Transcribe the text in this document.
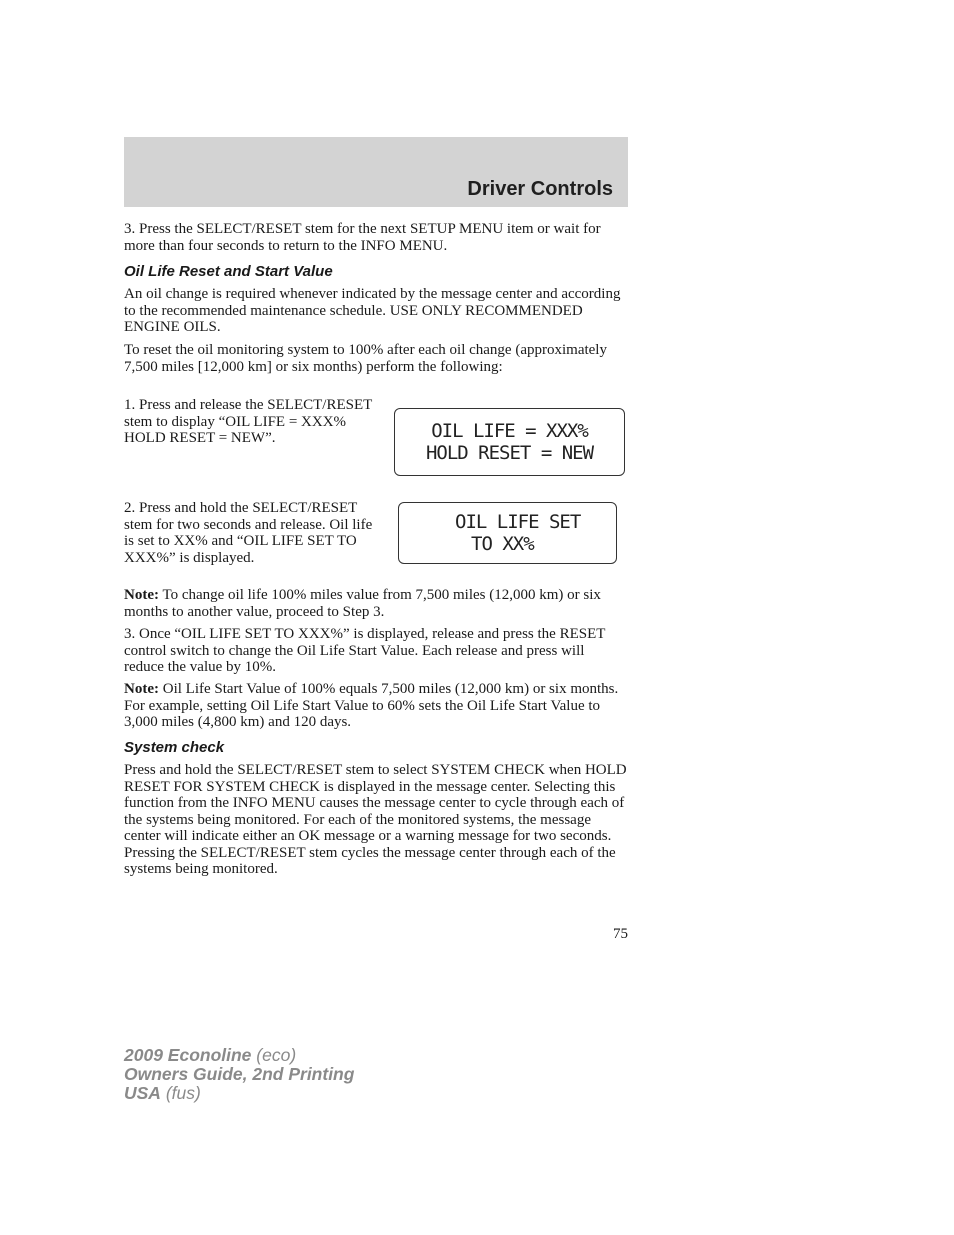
Driver Controls

3. Press the SELECT/RESET stem for the next SETUP MENU item or wait for more than four seconds to return to the INFO MENU.

Oil Life Reset and Start Value

An oil change is required whenever indicated by the message center and according to the recommended maintenance schedule. USE ONLY RECOMMENDED ENGINE OILS.

To reset the oil monitoring system to 100% after each oil change (approximately 7,500 miles [12,000 km] or six months) perform the following:

1. Press and release the SELECT/RESET stem to display “OIL LIFE = XXX% HOLD RESET = NEW”.	OIL LIFE = XXX%
HOLD RESET = NEW

2. Press and hold the SELECT/RESET stem for two seconds and release. Oil life is set to XX% and “OIL LIFE SET TO XXX%” is displayed.

OIL LIFE SET
TO XX%

Note: To change oil life 100% miles value from 7,500 miles (12,000 km) or six months to another value, proceed to Step 3.

3. Once “OIL LIFE SET TO XXX%” is displayed, release and press the RESET control switch to change the Oil Life Start Value. Each release and press will reduce the value by 10%.

Note: Oil Life Start Value of 100% equals 7,500 miles (12,000 km) or six months. For example, setting Oil Life Start Value to 60% sets the Oil Life Start Value to 3,000 miles (4,800 km) and 120 days.

System check

Press and hold the SELECT/RESET stem to select SYSTEM CHECK when HOLD RESET FOR SYSTEM CHECK is displayed in the message center. Selecting this function from the INFO MENU causes the message center to cycle through each of the systems being monitored. For each of the monitored systems, the message center will indicate either an OK message or a warning message for two seconds. Pressing the SELECT/RESET stem cycles the message center through each of the systems being monitored.

75
2009 Econoline (eco)
Owners Guide, 2nd Printing
USA (fus)
